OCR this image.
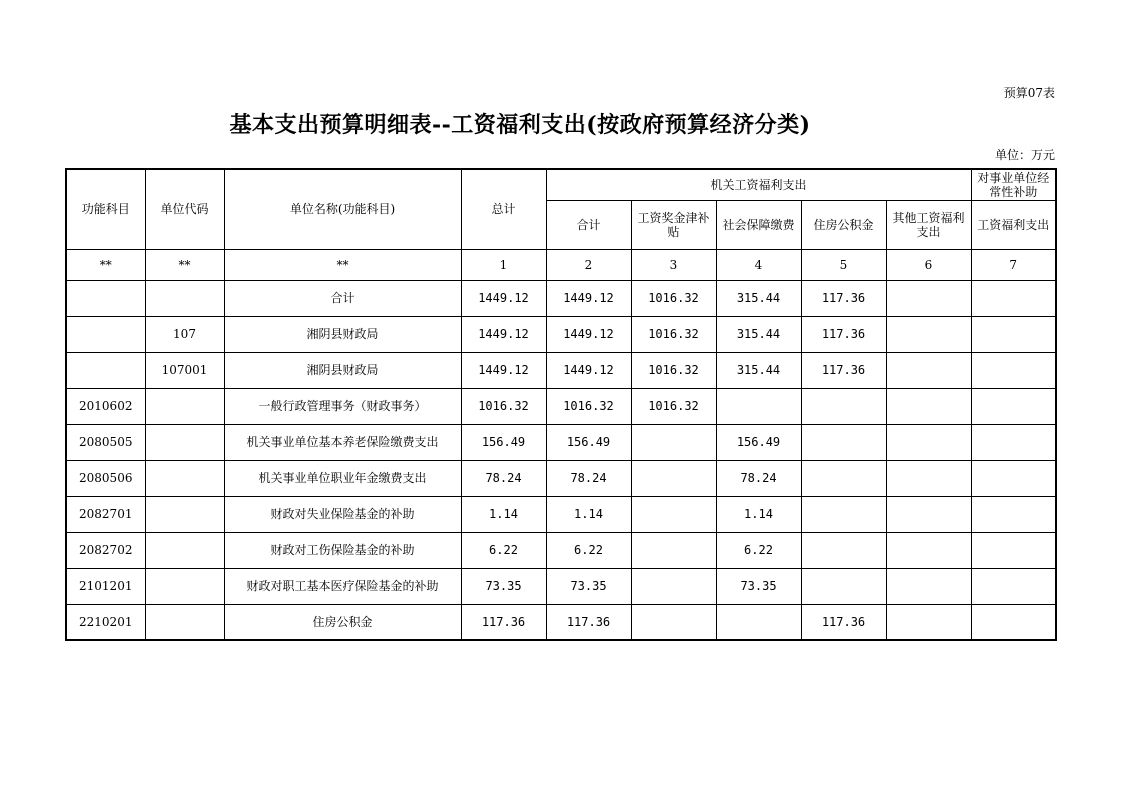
预算07表
基本支出预算明细表--工资福利支出(按政府预算经济分类)
单位：万元
功能科目	单位代码	单位名称(功能科目)	总计	机关工资福利支出					对事业单位经常性补助
				合计	工资奖金津补贴	社会保障缴费	住房公积金	其他工资福利支出	工资福利支出
**	**	**	1	2	3	4	5	6	7
		合计	1449.12	1449.12	1016.32	315.44	117.36		
	107	湘阴县财政局	1449.12	1449.12	1016.32	315.44	117.36		
	107001	湘阴县财政局	1449.12	1449.12	1016.32	315.44	117.36		
2010602		一般行政管理事务（财政事务）	1016.32	1016.32	1016.32				
2080505		机关事业单位基本养老保险缴费支出	156.49	156.49		156.49			
2080506		机关事业单位职业年金缴费支出	78.24	78.24		78.24			
2082701		财政对失业保险基金的补助	1.14	1.14		1.14			
2082702		财政对工伤保险基金的补助	6.22	6.22		6.22			
2101201		财政对职工基本医疗保险基金的补助	73.35	73.35		73.35			
2210201		住房公积金	117.36	117.36			117.36		
